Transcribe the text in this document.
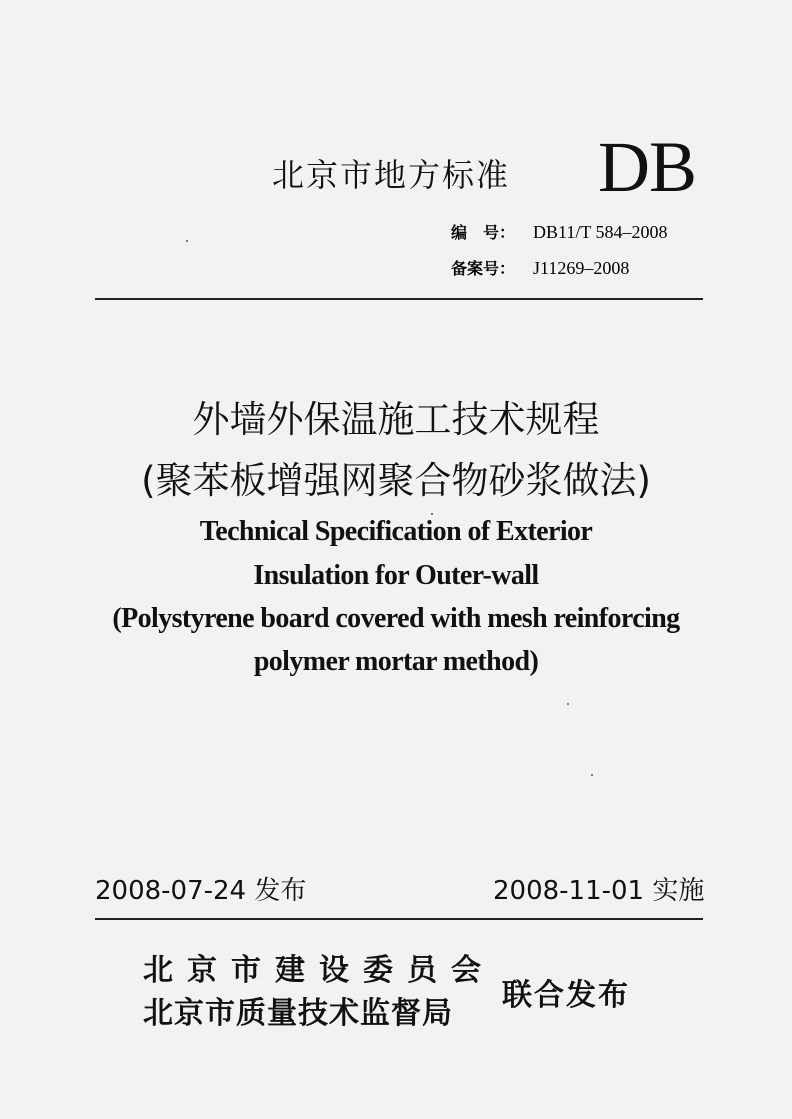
北京市地方标准 DB
编　号： DB11/T 584–2008
备案号： J11269–2008
外墙外保温施工技术规程
(聚苯板增强网聚合物砂浆做法)
Technical Specification of Exterior
Insulation for Outer-wall
(Polystyrene board covered with mesh reinforcing
polymer mortar method)
2008-07-24 发布	2008-11-01 实施
北京市建设委员会
北京市质量技术监督局
联合发布
